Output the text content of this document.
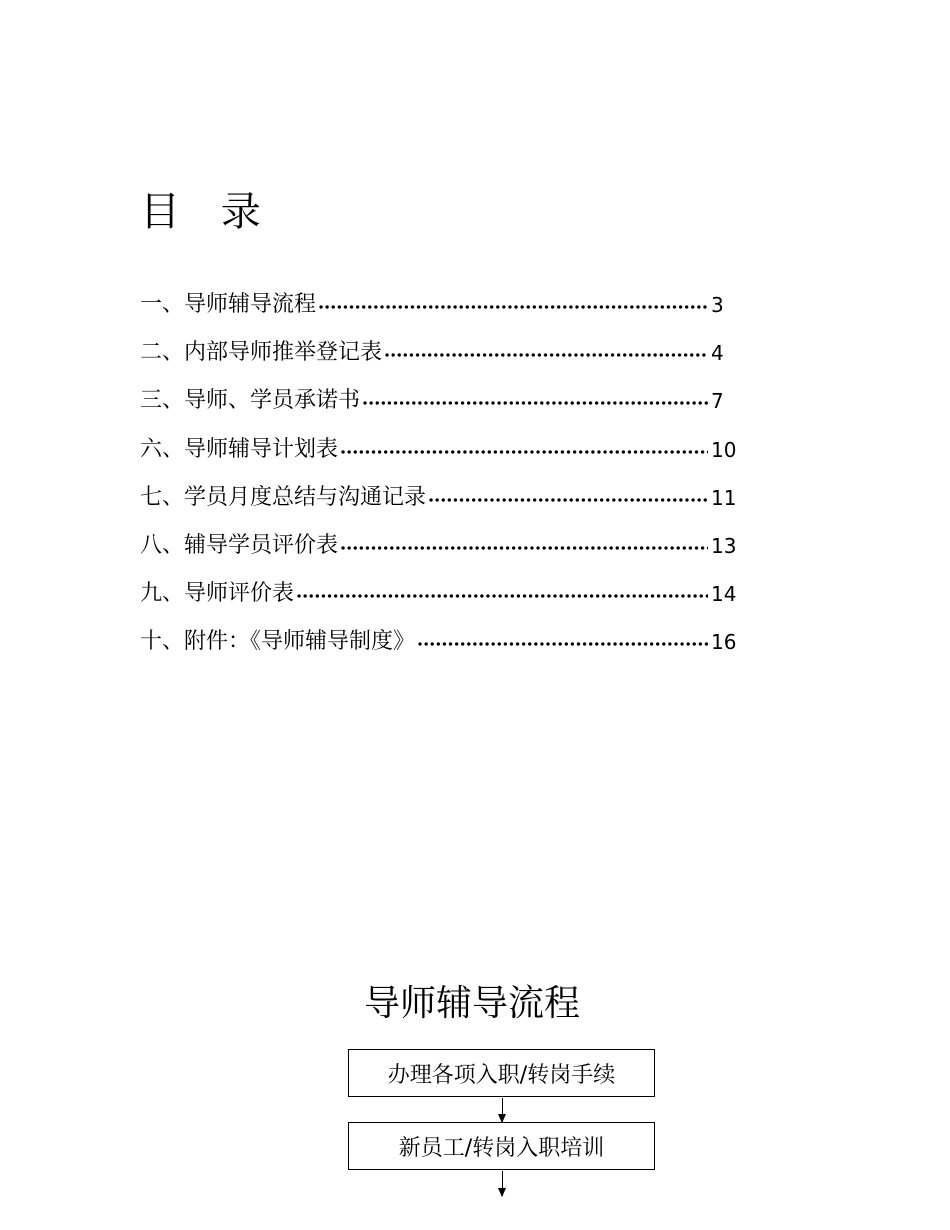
目 录
一、导师辅导流程	3
二、内部导师推举登记表	4
三、导师、学员承诺书	7
六、导师辅导计划表	10
七、学员月度总结与沟通记录	11
八、辅导学员评价表	13
九、导师评价表	14
十、附件：《导师辅导制度》	16
导师辅导流程
办理各项入职/转岗手续
新员工/转岗入职培训
